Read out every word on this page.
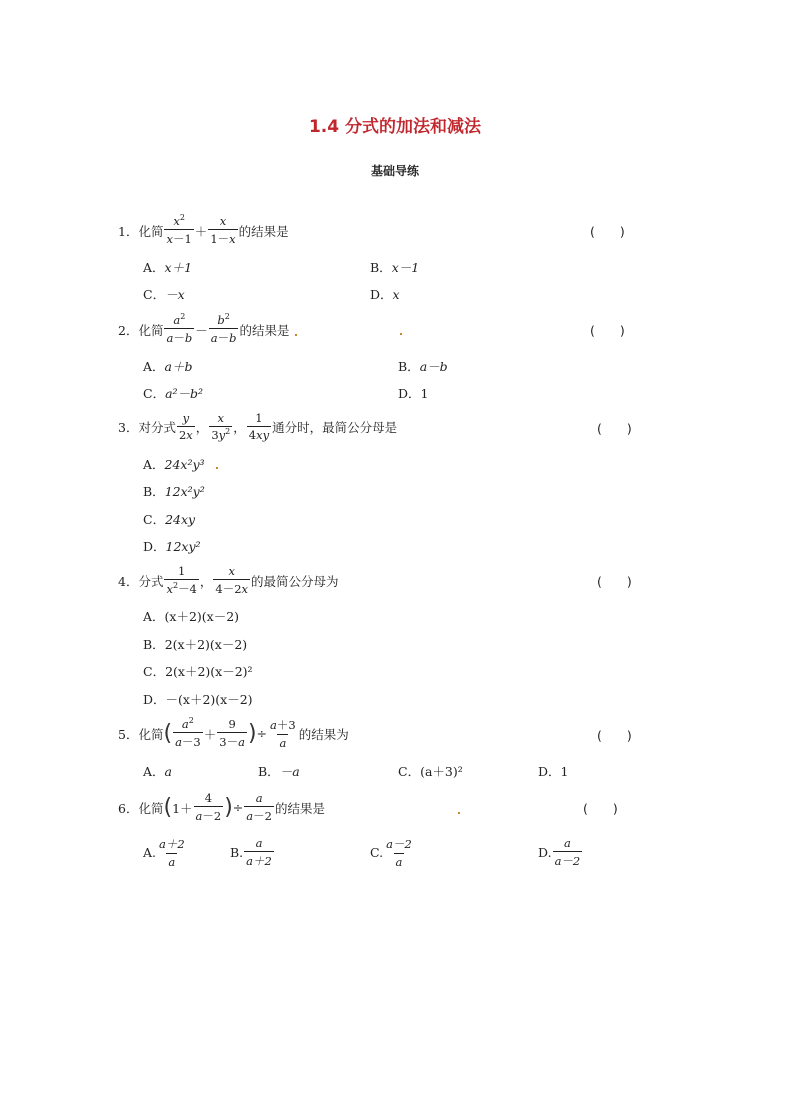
1.4 分式的加法和减法
基础导练
1． 化简 $\frac{x^2}{x-1} + \frac{x}{1-x}$ 的结果是	(　　)
A．x＋1	B．x－1
C．－x	D．x
2． 化简 $\frac{a^2}{a-b} - \frac{b^2}{a-b}$ 的结果是	(　　)
A．a＋b	B．a－b
C．a²－b²	D．1
3． 对分式 $\frac{y}{2x}$ ， $\frac{x}{3y^2}$ ， $\frac{1}{4xy}$ 通分时，最简公分母是	(　　)
A．24x²y³
B．12x²y²
C．24xy
D．12xy²
4． 分式 $\frac{1}{x^2-4}$ ， $\frac{x}{4-2x}$ 的最简公分母为	(　　)
A．(x＋2)(x－2)
B．2(x＋2)(x－2)
C．2(x＋2)(x－2)²
D．－(x＋2)(x－2)
5． 化简 ( $\frac{a^2}{a-3} + \frac{9}{3-a}$ ) ÷ $\frac{a+3}{a}$ 的结果为	(　　)
A．a	B．－a	C．(a＋3)²	D．1
6． 化简 ( $1+ \frac{4}{a-2}$ ) ÷ $\frac{a}{a-2}$ 的结果是	(　　)
A. $\frac{a+2}{a}$	B. $\frac{a}{a+2}$	C. $\frac{a-2}{a}$	D. $\frac{a}{a-2}$
